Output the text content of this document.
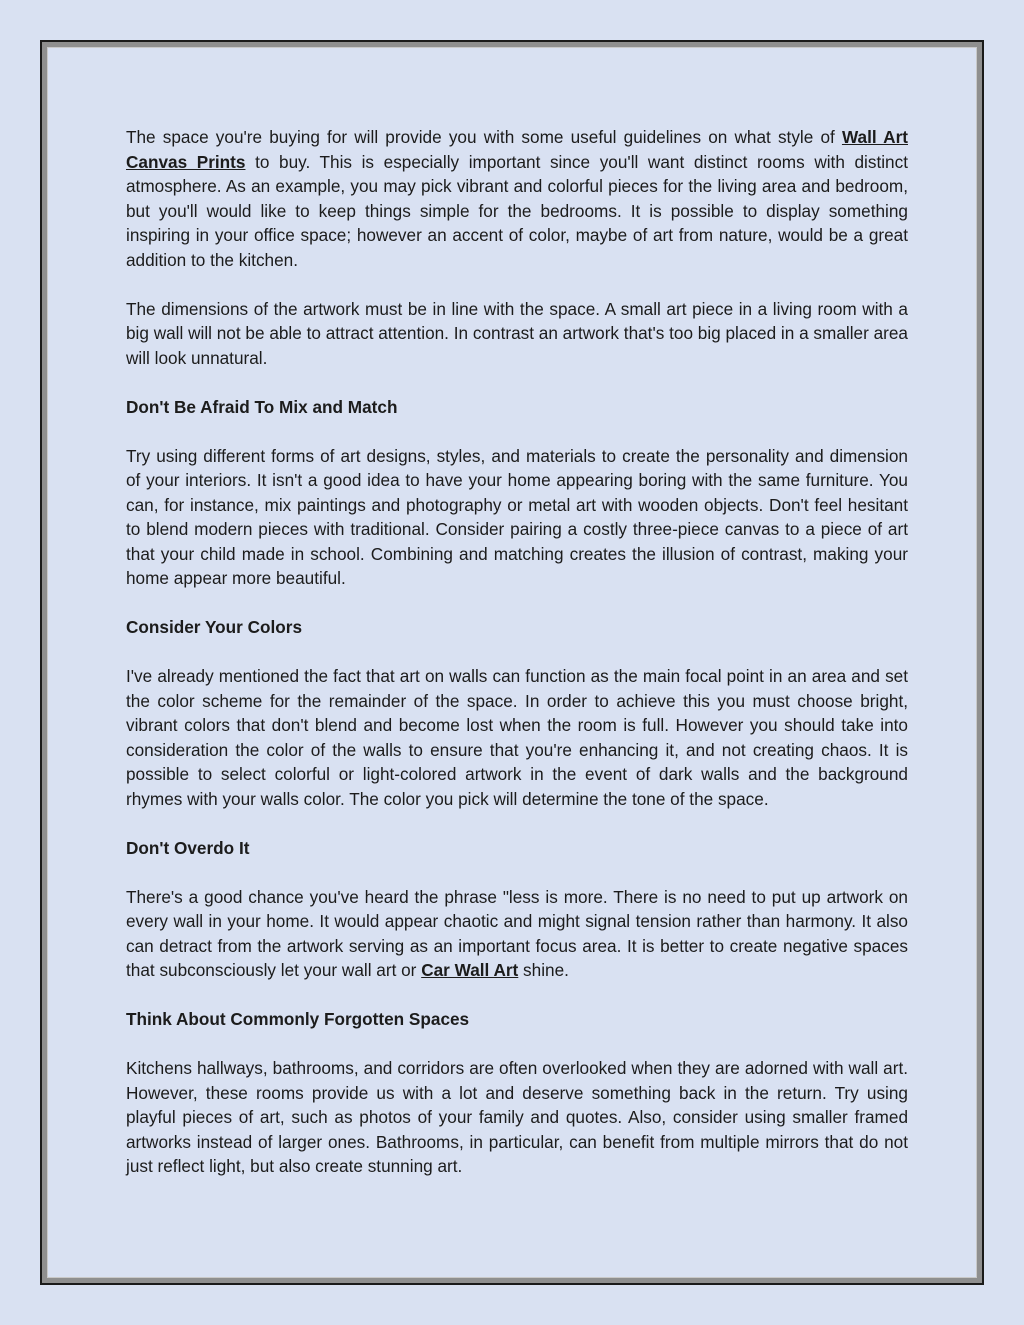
The space you're buying for will provide you with some useful guidelines on what style of Wall Art Canvas Prints to buy. This is especially important since you'll want distinct rooms with distinct atmosphere. As an example, you may pick vibrant and colorful pieces for the living area and bedroom, but you'll would like to keep things simple for the bedrooms. It is possible to display something inspiring in your office space; however an accent of color, maybe of art from nature, would be a great addition to the kitchen.

The dimensions of the artwork must be in line with the space. A small art piece in a living room with a big wall will not be able to attract attention. In contrast an artwork that's too big placed in a smaller area will look unnatural.

Don't Be Afraid To Mix and Match

Try using different forms of art designs, styles, and materials to create the personality and dimension of your interiors. It isn't a good idea to have your home appearing boring with the same furniture. You can, for instance, mix paintings and photography or metal art with wooden objects. Don't feel hesitant to blend modern pieces with traditional. Consider pairing a costly three-piece canvas to a piece of art that your child made in school. Combining and matching creates the illusion of contrast, making your home appear more beautiful.

Consider Your Colors

I've already mentioned the fact that art on walls can function as the main focal point in an area and set the color scheme for the remainder of the space. In order to achieve this you must choose bright, vibrant colors that don't blend and become lost when the room is full. However you should take into consideration the color of the walls to ensure that you're enhancing it, and not creating chaos. It is possible to select colorful or light-colored artwork in the event of dark walls and the background rhymes with your walls color. The color you pick will determine the tone of the space.

Don't Overdo It

There's a good chance you've heard the phrase "less is more. There is no need to put up artwork on every wall in your home. It would appear chaotic and might signal tension rather than harmony. It also can detract from the artwork serving as an important focus area. It is better to create negative spaces that subconsciously let your wall art or Car Wall Art shine.

Think About Commonly Forgotten Spaces

Kitchens hallways, bathrooms, and corridors are often overlooked when they are adorned with wall art. However, these rooms provide us with a lot and deserve something back in the return. Try using playful pieces of art, such as photos of your family and quotes. Also, consider using smaller framed artworks instead of larger ones. Bathrooms, in particular, can benefit from multiple mirrors that do not just reflect light, but also create stunning art.
